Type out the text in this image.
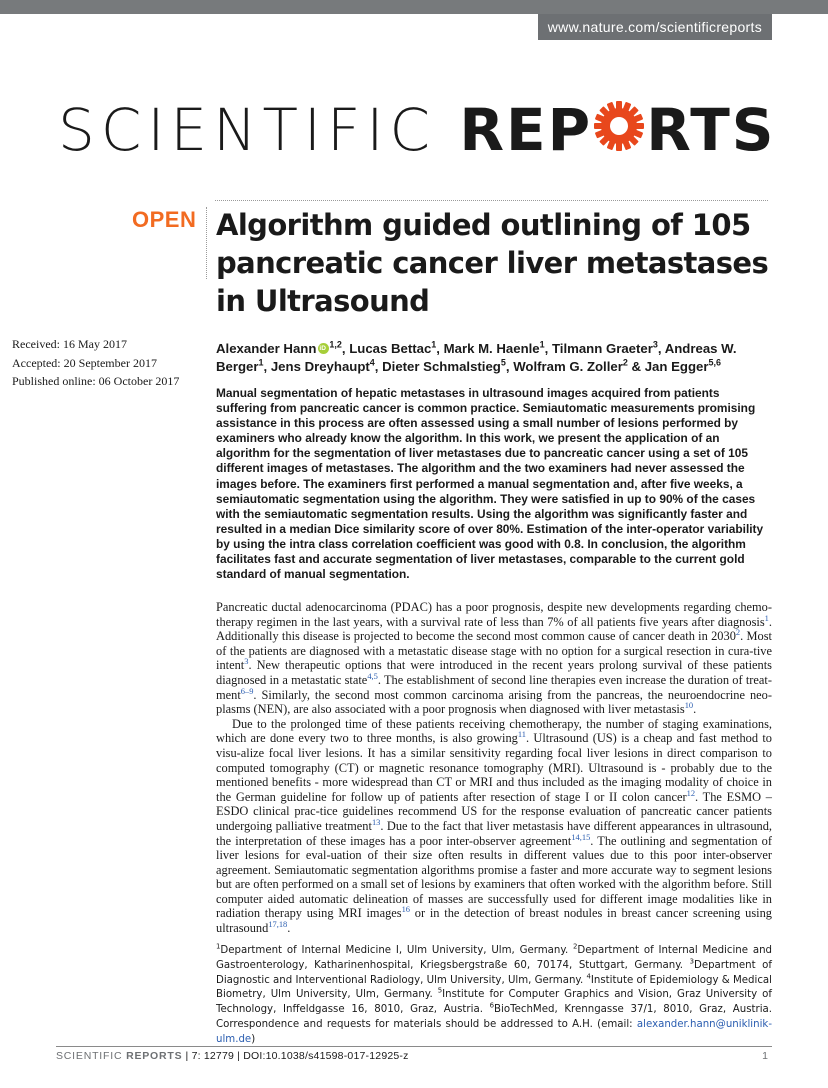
www.nature.com/scientificreports
SCIENTIFIC REP RTS
OPEN Algorithm guided outlining of 105 pancreatic cancer liver metastases in Ultrasound
Received: 16 May 2017
Accepted: 20 September 2017
Published online: 06 October 2017
Alexander HanniD $^{1,2}$, Lucas Bettac$^1$, Mark M. Haenle$^1$, Tilmann Graeter$^3$, Andreas W. Berger$^1$, Jens Dreyhaupt$^4$, Dieter Schmalstieg$^5$, Wolfram G. Zoller$^2$ & Jan Egger$^{5,6}$
Manual segmentation of hepatic metastases in ultrasound images acquired from patients suffering from pancreatic cancer is common practice. Semiautomatic measurements promising assistance in this process are often assessed using a small number of lesions performed by examiners who already know the algorithm. In this work, we present the application of an algorithm for the segmentation of liver metastases due to pancreatic cancer using a set of 105 different images of metastases. The algorithm and the two examiners had never assessed the images before. The examiners first performed a manual segmentation and, after five weeks, a semiautomatic segmentation using the algorithm. They were satisfied in up to 90% of the cases with the semiautomatic segmentation results. Using the algorithm was significantly faster and resulted in a median Dice similarity score of over 80%. Estimation of the inter-operator variability by using the intra class correlation coefficient was good with 0.8. In conclusion, the algorithm facilitates fast and accurate segmentation of liver metastases, comparable to the current gold standard of manual segmentation.

Pancreatic ductal adenocarcinoma (PDAC) has a poor prognosis, despite new developments regarding chemo-therapy regimen in the last years, with a survival rate of less than 7% of all patients five years after diagnosis$^1$. Additionally this disease is projected to become the second most common cause of cancer death in 2030$^2$. Most of the patients are diagnosed with a metastatic disease stage with no option for a surgical resection in cura-tive intent$^3$. New therapeutic options that were introduced in the recent years prolong survival of these patients diagnosed in a metastatic state$^{4,5}$. The establishment of second line therapies even increase the duration of treat-ment$^{6-9}$. Similarly, the second most common carcinoma arising from the pancreas, the neuroendocrine neo-plasms (NEN), are also associated with a poor prognosis when diagnosed with liver metastasis$^{10}$.

Due to the prolonged time of these patients receiving chemotherapy, the number of staging examinations, which are done every two to three months, is also growing$^{11}$. Ultrasound (US) is a cheap and fast method to visu-alize focal liver lesions. It has a similar sensitivity regarding focal liver lesions in direct comparison to computed tomography (CT) or magnetic resonance tomography (MRI). Ultrasound is - probably due to the mentioned benefits - more widespread than CT or MRI and thus included as the imaging modality of choice in the German guideline for follow up of patients after resection of stage I or II colon cancer$^{12}$. The ESMO – ESDO clinical prac-tice guidelines recommend US for the response evaluation of pancreatic cancer patients undergoing palliative treatment$^{13}$. Due to the fact that liver metastasis have different appearances in ultrasound, the interpretation of these images has a poor inter-observer agreement$^{14,15}$. The outlining and segmentation of liver lesions for eval-uation of their size often results in different values due to this poor inter-observer agreement. Semiautomatic segmentation algorithms promise a faster and more accurate way to segment lesions but are often performed on a small set of lesions by examiners that often worked with the algorithm before. Still computer aided automatic delineation of masses are successfully used for different image modalities like in radiation therapy using MRI images$^{16}$ or in the detection of breast nodules in breast cancer screening using ultrasound$^{17,18}$.

$^1$Department of Internal Medicine I, Ulm University, Ulm, Germany. $^2$Department of Internal Medicine and Gastroenterology, Katharinenhospital, Kriegsbergstraße 60, 70174, Stuttgart, Germany. $^3$Department of Diagnostic and Interventional Radiology, Ulm University, Ulm, Germany. $^4$Institute of Epidemiology & Medical Biometry, Ulm University, Ulm, Germany. $^5$Institute for Computer Graphics and Vision, Graz University of Technology, Inffeldgasse 16, 8010, Graz, Austria. $^6$BioTechMed, Krenngasse 37/1, 8010, Graz, Austria. Correspondence and requests for materials should be addressed to A.H. (email: alexander.hann@uniklinik-ulm.de)
SCIENTIFIC REPORTS | 7: 12779 | DOI:10.1038/s41598-017-12925-z	1
